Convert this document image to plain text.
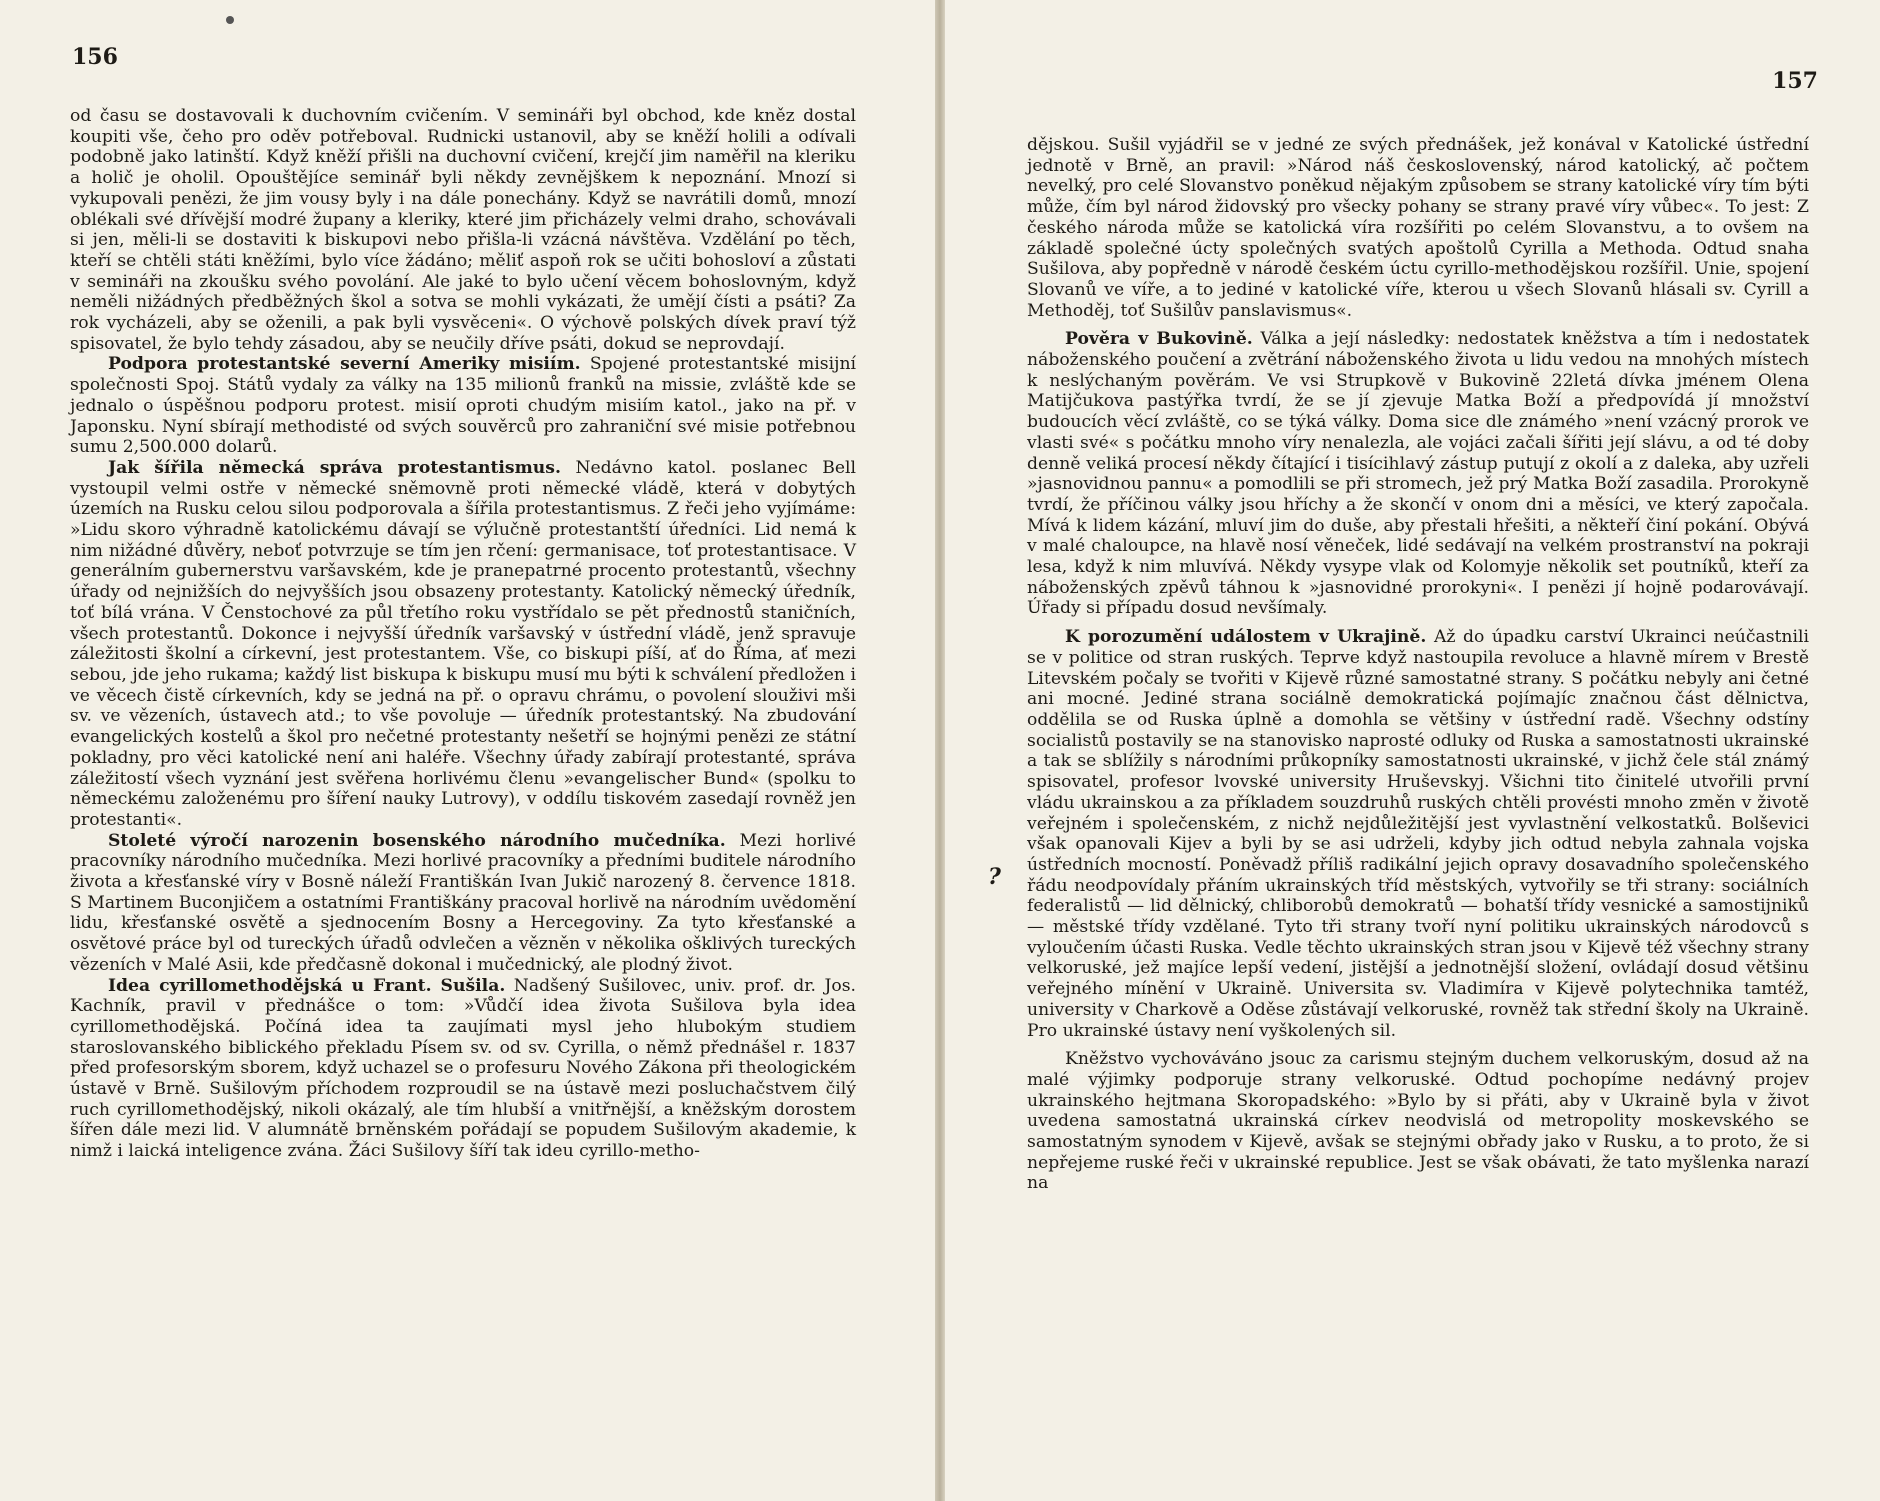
156

od času se dostavovali k duchovním cvičením. V semináři byl obchod, kde kněz dostal koupiti vše, čeho pro oděv potřeboval. Rudnicki ustanovil, aby se kněží holili a odívali podobně jako latinští. Když kněží přišli na duchovní cvičení, krejčí jim naměřil na kleriku a holič je oholil. Opouštějíce seminář byli někdy zevnějškem k nepoznání. Mnozí si vykupovali penězi, že jim vousy byly i na dále ponechány. Když se navrátili domů, mnozí oblékali své dřívější modré župany a kleriky, které jim přicházely velmi draho, schovávali si jen, měli-li se dostaviti k biskupovi nebo přišla-li vzácná návštěva. Vzdělání po těch, kteří se chtěli státi kněžími, bylo více žádáno; měliť aspoň rok se učiti bohosloví a zůstati v semináři na zkoušku svého povolání. Ale jaké to bylo učení věcem bohoslovným, když neměli nižádných předběžných škol a sotva se mohli vykázati, že umějí čísti a psáti? Za rok vycházeli, aby se oženili, a pak byli vysvěceni«. O výchově polských dívek praví týž spisovatel, že bylo tehdy zásadou, aby se neučily dříve psáti, dokud se neprovdají.

Podpora protestantské severní Ameriky misiím. Spojené protestantské misijní společnosti Spoj. Států vydaly za války na 135 milionů franků na missie, zvláště kde se jednalo o úspěšnou podporu protest. misií oproti chudým misiím katol., jako na př. v Japonsku. Nyní sbírají methodisté od svých souvěrců pro zahraniční své misie potřebnou sumu 2,500.000 dolarů.

Jak šířila německá správa protestantismus. Nedávno katol. poslanec Bell vystoupil velmi ostře v německé sněmovně proti německé vládě, která v dobytých územích na Rusku celou silou podporovala a šířila protestantismus. Z řeči jeho vyjímáme: »Lidu skoro výhradně katolickému dávají se výlučně protestantští úředníci. Lid nemá k nim nižádné důvěry, neboť potvrzuje se tím jen rčení: germanisace, toť protestantisace. V generálním gubernerstvu varšavském, kde je pranepatrné procento protestantů, všechny úřady od nejnižších do nejvyšších jsou obsazeny protestanty. Katolický německý úředník, toť bílá vrána. V Čenstochové za půl třetího roku vystřídalo se pět přednostů staničních, všech protestantů. Dokonce i nejvyšší úředník varšavský v ústřední vládě, jenž spravuje záležitosti školní a církevní, jest protestantem. Vše, co biskupi píší, ať do Říma, ať mezi sebou, jde jeho rukama; každý list biskupa k biskupu musí mu býti k schválení předložen i ve věcech čistě církevních, kdy se jedná na př. o opravu chrámu, o povolení slouživi mši sv. ve vězeních, ústavech atd.; to vše povoluje — úředník protestantský. Na zbudování evangelických kostelů a škol pro nečetné protestanty nešetří se hojnými penězi ze státní pokladny, pro věci katolické není ani haléře. Všechny úřady zabírají protestanté, správa záležitostí všech vyznání jest svěřena horlivému členu »evangelischer Bund« (spolku to německému založenému pro šíření nauky Lutrovy), v oddílu tiskovém zasedají rovněž jen protestanti«.

Stoleté výročí narozenin bosenského národního mučedníka. Mezi horlivé pracovníky národního mučedníka. Mezi horlivé pracovníky a předními buditele národního života a křesťanské víry v Bosně náleží Františkán Ivan Jukič narozený 8. července 1818. S Martinem Buconjičem a ostatními Františkány pracoval horlivě na národním uvědomění lidu, křesťanské osvětě a sjednocením Bosny a Hercegoviny. Za tyto křesťanské a osvětové práce byl od tureckých úřadů odvlečen a vězněn v několika ošklivých tureckých vězeních v Malé Asii, kde předčasně dokonal i mučednický, ale plodný život.

Idea cyrillomethodějská u Frant. Sušila. Nadšený Sušilovec, univ. prof. dr. Jos. Kachník, pravil v přednášce o tom: »Vůdčí idea života Sušilova byla idea cyrillomethodějská. Počíná idea ta zaujímati mysl jeho hlubokým studiem staroslovanského biblického překladu Písem sv. od sv. Cyrilla, o němž přednášel r. 1837 před profesorským sborem, když uchazel se o profesuru Nového Zákona při theologickém ústavě v Brně. Sušilovým příchodem rozproudil se na ústavě mezi posluchačstvem čilý ruch cyrillomethodějský, nikoli okázalý, ale tím hlubší a vnitřnější, a kněžským dorostem šířen dále mezi lid. V alumnátě brněnském pořádají se popudem Sušilovým akademie, k nimž i laická inteligence zvána. Žáci Sušilovy šíří tak ideu cyrillo-metho-

157
?

dějskou. Sušil vyjádřil se v jedné ze svých přednášek, jež konával v Katolické ústřední jednotě v Brně, an pravil: »Národ náš československý, národ katolický, ač počtem nevelký, pro celé Slovanstvo poněkud nějakým způsobem se strany katolické víry tím býti může, čím byl národ židovský pro všecky pohany se strany pravé víry vůbec«. To jest: Z českého národa může se katolická víra rozšířiti po celém Slovanstvu, a to ovšem na základě společné úcty společných svatých apoštolů Cyrilla a Methoda. Odtud snaha Sušilova, aby popředně v národě českém úctu cyrillo-methodějskou rozšířil. Unie, spojení Slovanů ve víře, a to jediné v katolické víře, kterou u všech Slovanů hlásali sv. Cyrill a Methoděj, toť Sušilův panslavismus«.

Pověra v Bukovině. Válka a její následky: nedostatek kněžstva a tím i nedostatek náboženského poučení a zvětrání náboženského života u lidu vedou na mnohých místech k neslýchaným pověrám. Ve vsi Strupkově v Bukovině 22letá dívka jménem Olena Matijčukova pastýřka tvrdí, že se jí zjevuje Matka Boží a předpovídá jí množství budoucích věcí zvláště, co se týká války. Doma sice dle známého »není vzácný prorok ve vlasti své« s počátku mnoho víry nenalezla, ale vojáci začali šířiti její slávu, a od té doby denně veliká procesí někdy čítající i tisícihlavý zástup putují z okolí a z daleka, aby uzřeli »jasnovidnou pannu« a pomodlili se při stromech, jež prý Matka Boží zasadila. Prorokyně tvrdí, že příčinou války jsou hříchy a že skončí v onom dni a měsíci, ve který započala. Mívá k lidem kázání, mluví jim do duše, aby přestali hřešiti, a někteří činí pokání. Obývá v malé chaloupce, na hlavě nosí věneček, lidé sedávají na velkém prostranství na pokraji lesa, když k nim mluvívá. Někdy vysype vlak od Kolomyje několik set poutníků, kteří za náboženských zpěvů táhnou k »jasnovidné prorokyni«. I penězi jí hojně podarovávají. Úřady si případu dosud nevšímaly.

K porozumění událostem v Ukrajině. Až do úpadku carství Ukrainci neúčastnili se v politice od stran ruských. Teprve když nastoupila revoluce a hlavně mírem v Brestě Litevském počaly se tvořiti v Kijevě různé samostatné strany. S počátku nebyly ani četné ani mocné. Jediné strana sociálně demokratická pojímajíc značnou část dělnictva, oddělila se od Ruska úplně a domohla se většiny v ústřední radě. Všechny odstíny socialistů postavily se na stanovisko naprosté odluky od Ruska a samostatnosti ukrainské a tak se sblížily s národními průkopníky samostatnosti ukrainské, v jichž čele stál známý spisovatel, profesor lvovské university Hruševskyj. Všichni tito činitelé utvořili první vládu ukrainskou a za příkladem souzdruhů ruských chtěli provésti mnoho změn v životě veřejném i společenském, z nichž nejdůležitější jest vyvlastnění velkostatků. Bolševici však opanovali Kijev a byli by se asi udrželi, kdyby jich odtud nebyla zahnala vojska ústředních mocností. Poněvadž příliš radikální jejich opravy dosavadního společenského řádu neodpovídaly přáním ukrainských tříd městských, vytvořily se tři strany: sociálních federalistů — lid dělnický, chliborobů demokratů — bohatší třídy vesnické a samostijniků — městské třídy vzdělané. Tyto tři strany tvoří nyní politiku ukrainských národovců s vyloučením účasti Ruska. Vedle těchto ukrainských stran jsou v Kijevě též všechny strany velkoruské, jež majíce lepší vedení, jistější a jednotnější složení, ovládají dosud většinu veřejného mínění v Ukraině. Universita sv. Vladimíra v Kijevě polytechnika tamtéž, university v Charkově a Oděse zůstávají velkoruské, rovněž tak střední školy na Ukraině. Pro ukrainské ústavy není vyškolených sil.

Kněžstvo vychováváno jsouc za carismu stejným duchem velkoruským, dosud až na malé výjimky podporuje strany velkoruské. Odtud pochopíme nedávný projev ukrainského hejtmana Skoropadského: »Bylo by si přáti, aby v Ukraině byla v život uvedena samostatná ukrainská církev neodvislá od metropolity moskevského se samostatným synodem v Kijevě, avšak se stejnými obřady jako v Rusku, a to proto, že si nepřejeme ruské řeči v ukrainské republice. Jest se však obávati, že tato myšlenka narazí na
